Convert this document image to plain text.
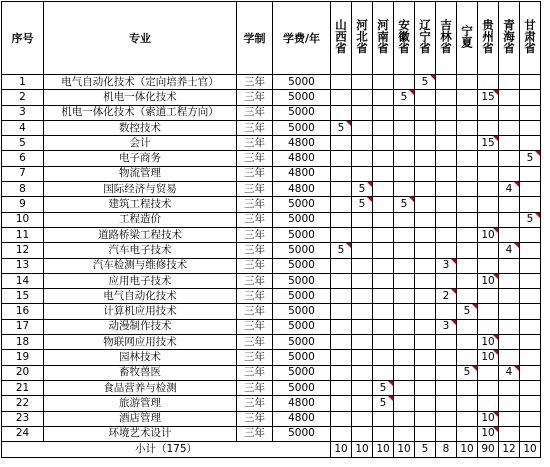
序号	专业	学制	学费/年	山西省	河北省	河南省	安徽省	辽宁省	吉林省	宁夏	贵州省	青海省	甘肃省
1	电气自动化技术（定向培养士官）	三年	5000					5					
2	机电一体化技术	三年	5000				5				15		
3	机电一体化技术（索道工程方向）	三年	5000										
4	数控技术	三年	5000	5									
5	会计	三年	4800								15		
6	电子商务	三年	4800										5
7	物流管理	三年	4800										
8	国际经济与贸易	三年	4800		5							4	
9	建筑工程技术	三年	5000		5		5						
10	工程造价	三年	5000										5
11	道路桥梁工程技术	三年	5000								10		
12	汽车电子技术	三年	5000	5								4	
13	汽车检测与维修技术	三年	5000						3				
14	应用电子技术	三年	5000								10		
15	电气自动化技术	三年	5000						2				
16	计算机应用技术	三年	5000							5			
17	动漫制作技术	三年	5000						3				
18	物联网应用技术	三年	5000								10		
19	园林技术	三年	5000								10		
20	畜牧兽医	三年	5000							5		4	
21	食品营养与检测	三年	5000			5							
22	旅游管理	三年	4800			5							
23	酒店管理	三年	4800								10		
24	环境艺术设计	三年	5000								10		
小计（175）				10	10	10	10	5	8	10	90	12	10
